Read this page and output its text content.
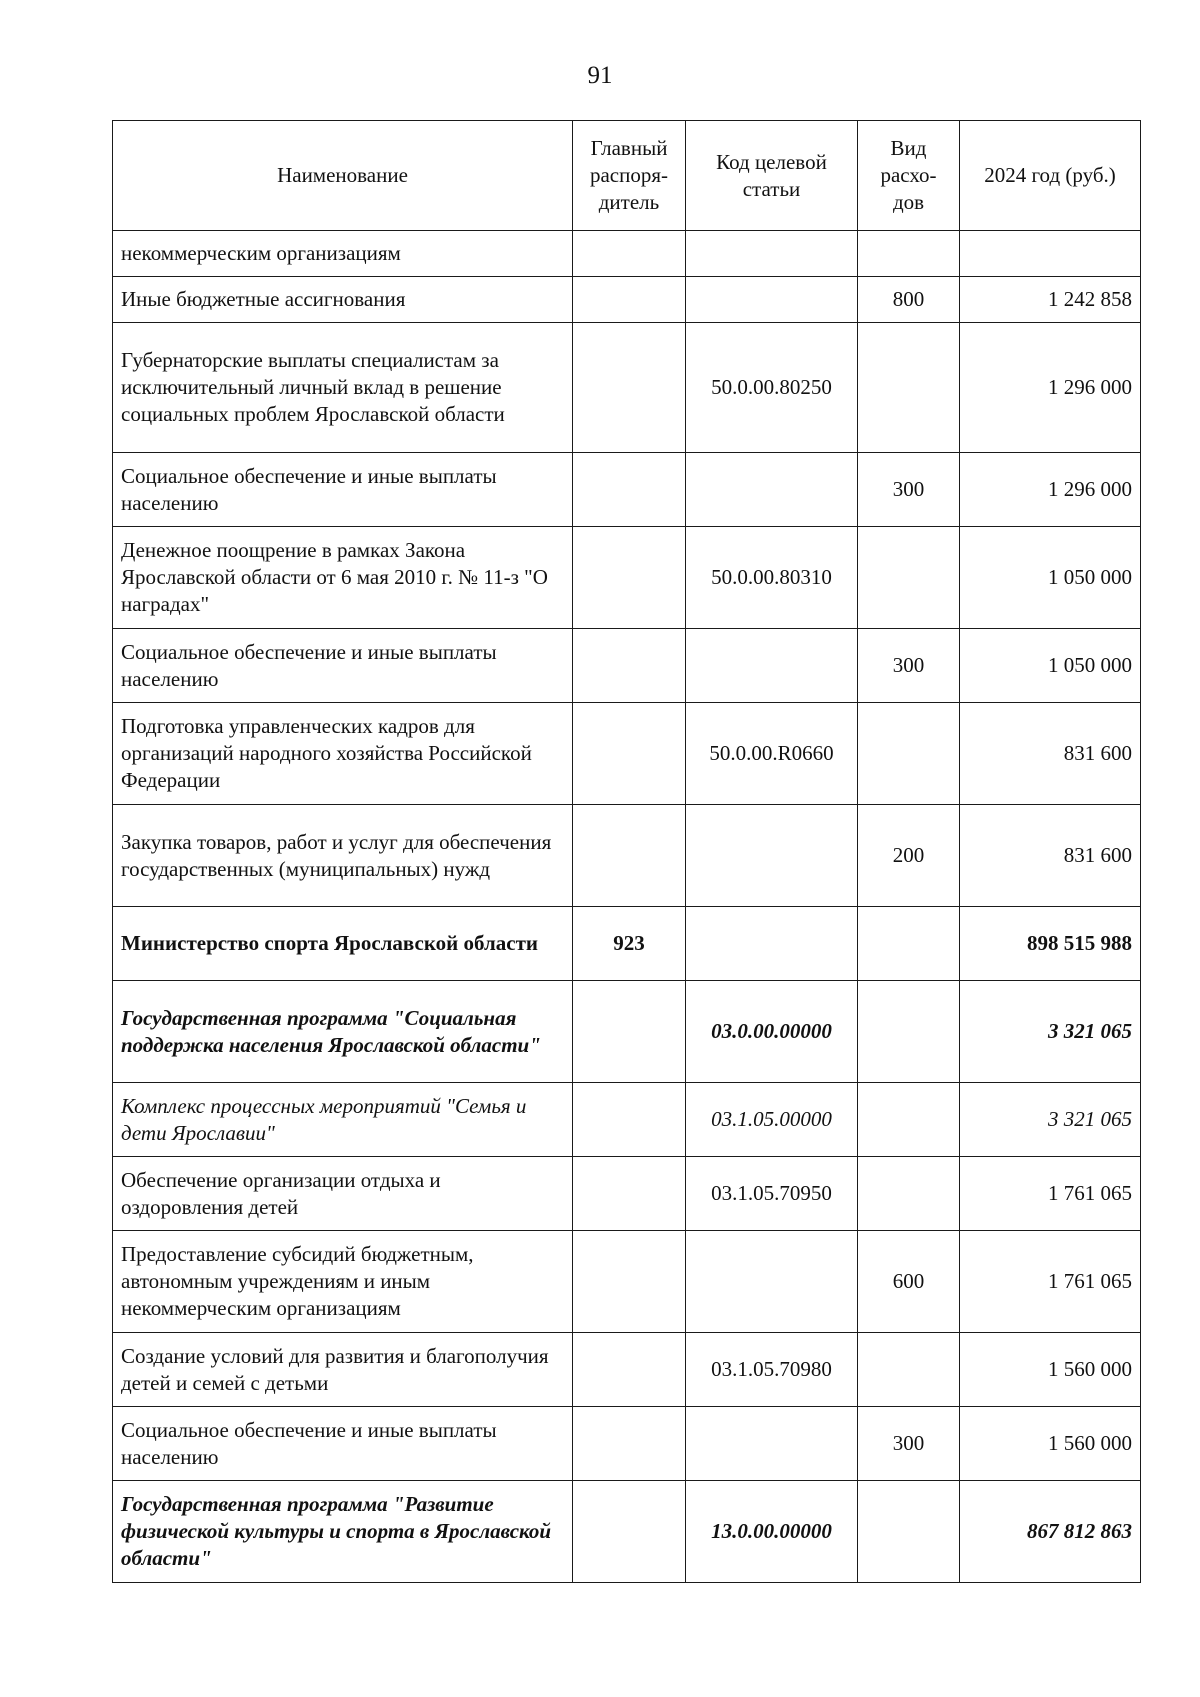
91
Наименование	Главный распоря-дитель	Код целевой статьи	Вид расхо-дов	2024 год (руб.)
некоммерческим организациям				
Иные бюджетные ассигнования			800	1 242 858
Губернаторские выплаты специалистам за исключительный личный вклад в решение социальных проблем Ярославской области		50.0.00.80250		1 296 000
Социальное обеспечение и иные выплаты населению			300	1 296 000
Денежное поощрение в рамках Закона Ярославской области от 6 мая 2010 г. № 11-з "О наградах"		50.0.00.80310		1 050 000
Социальное обеспечение и иные выплаты населению			300	1 050 000
Подготовка управленческих кадров для организаций народного хозяйства Российской Федерации		50.0.00.R0660		831 600
Закупка товаров, работ и услуг для обеспечения государственных (муниципальных) нужд			200	831 600
Министерство спорта Ярославской области	923			898 515 988
Государственная программа "Социальная поддержка населения Ярославской области"		03.0.00.00000		3 321 065
Комплекс процессных мероприятий "Семья и дети Ярославии"		03.1.05.00000		3 321 065
Обеспечение организации отдыха и оздоровления детей		03.1.05.70950		1 761 065
Предоставление субсидий бюджетным, автономным учреждениям и иным некоммерческим организациям			600	1 761 065
Создание условий для развития и благополучия детей и семей с детьми		03.1.05.70980		1 560 000
Социальное обеспечение и иные выплаты населению			300	1 560 000
Государственная программа "Развитие физической культуры и спорта в Ярославской области"		13.0.00.00000		867 812 863
